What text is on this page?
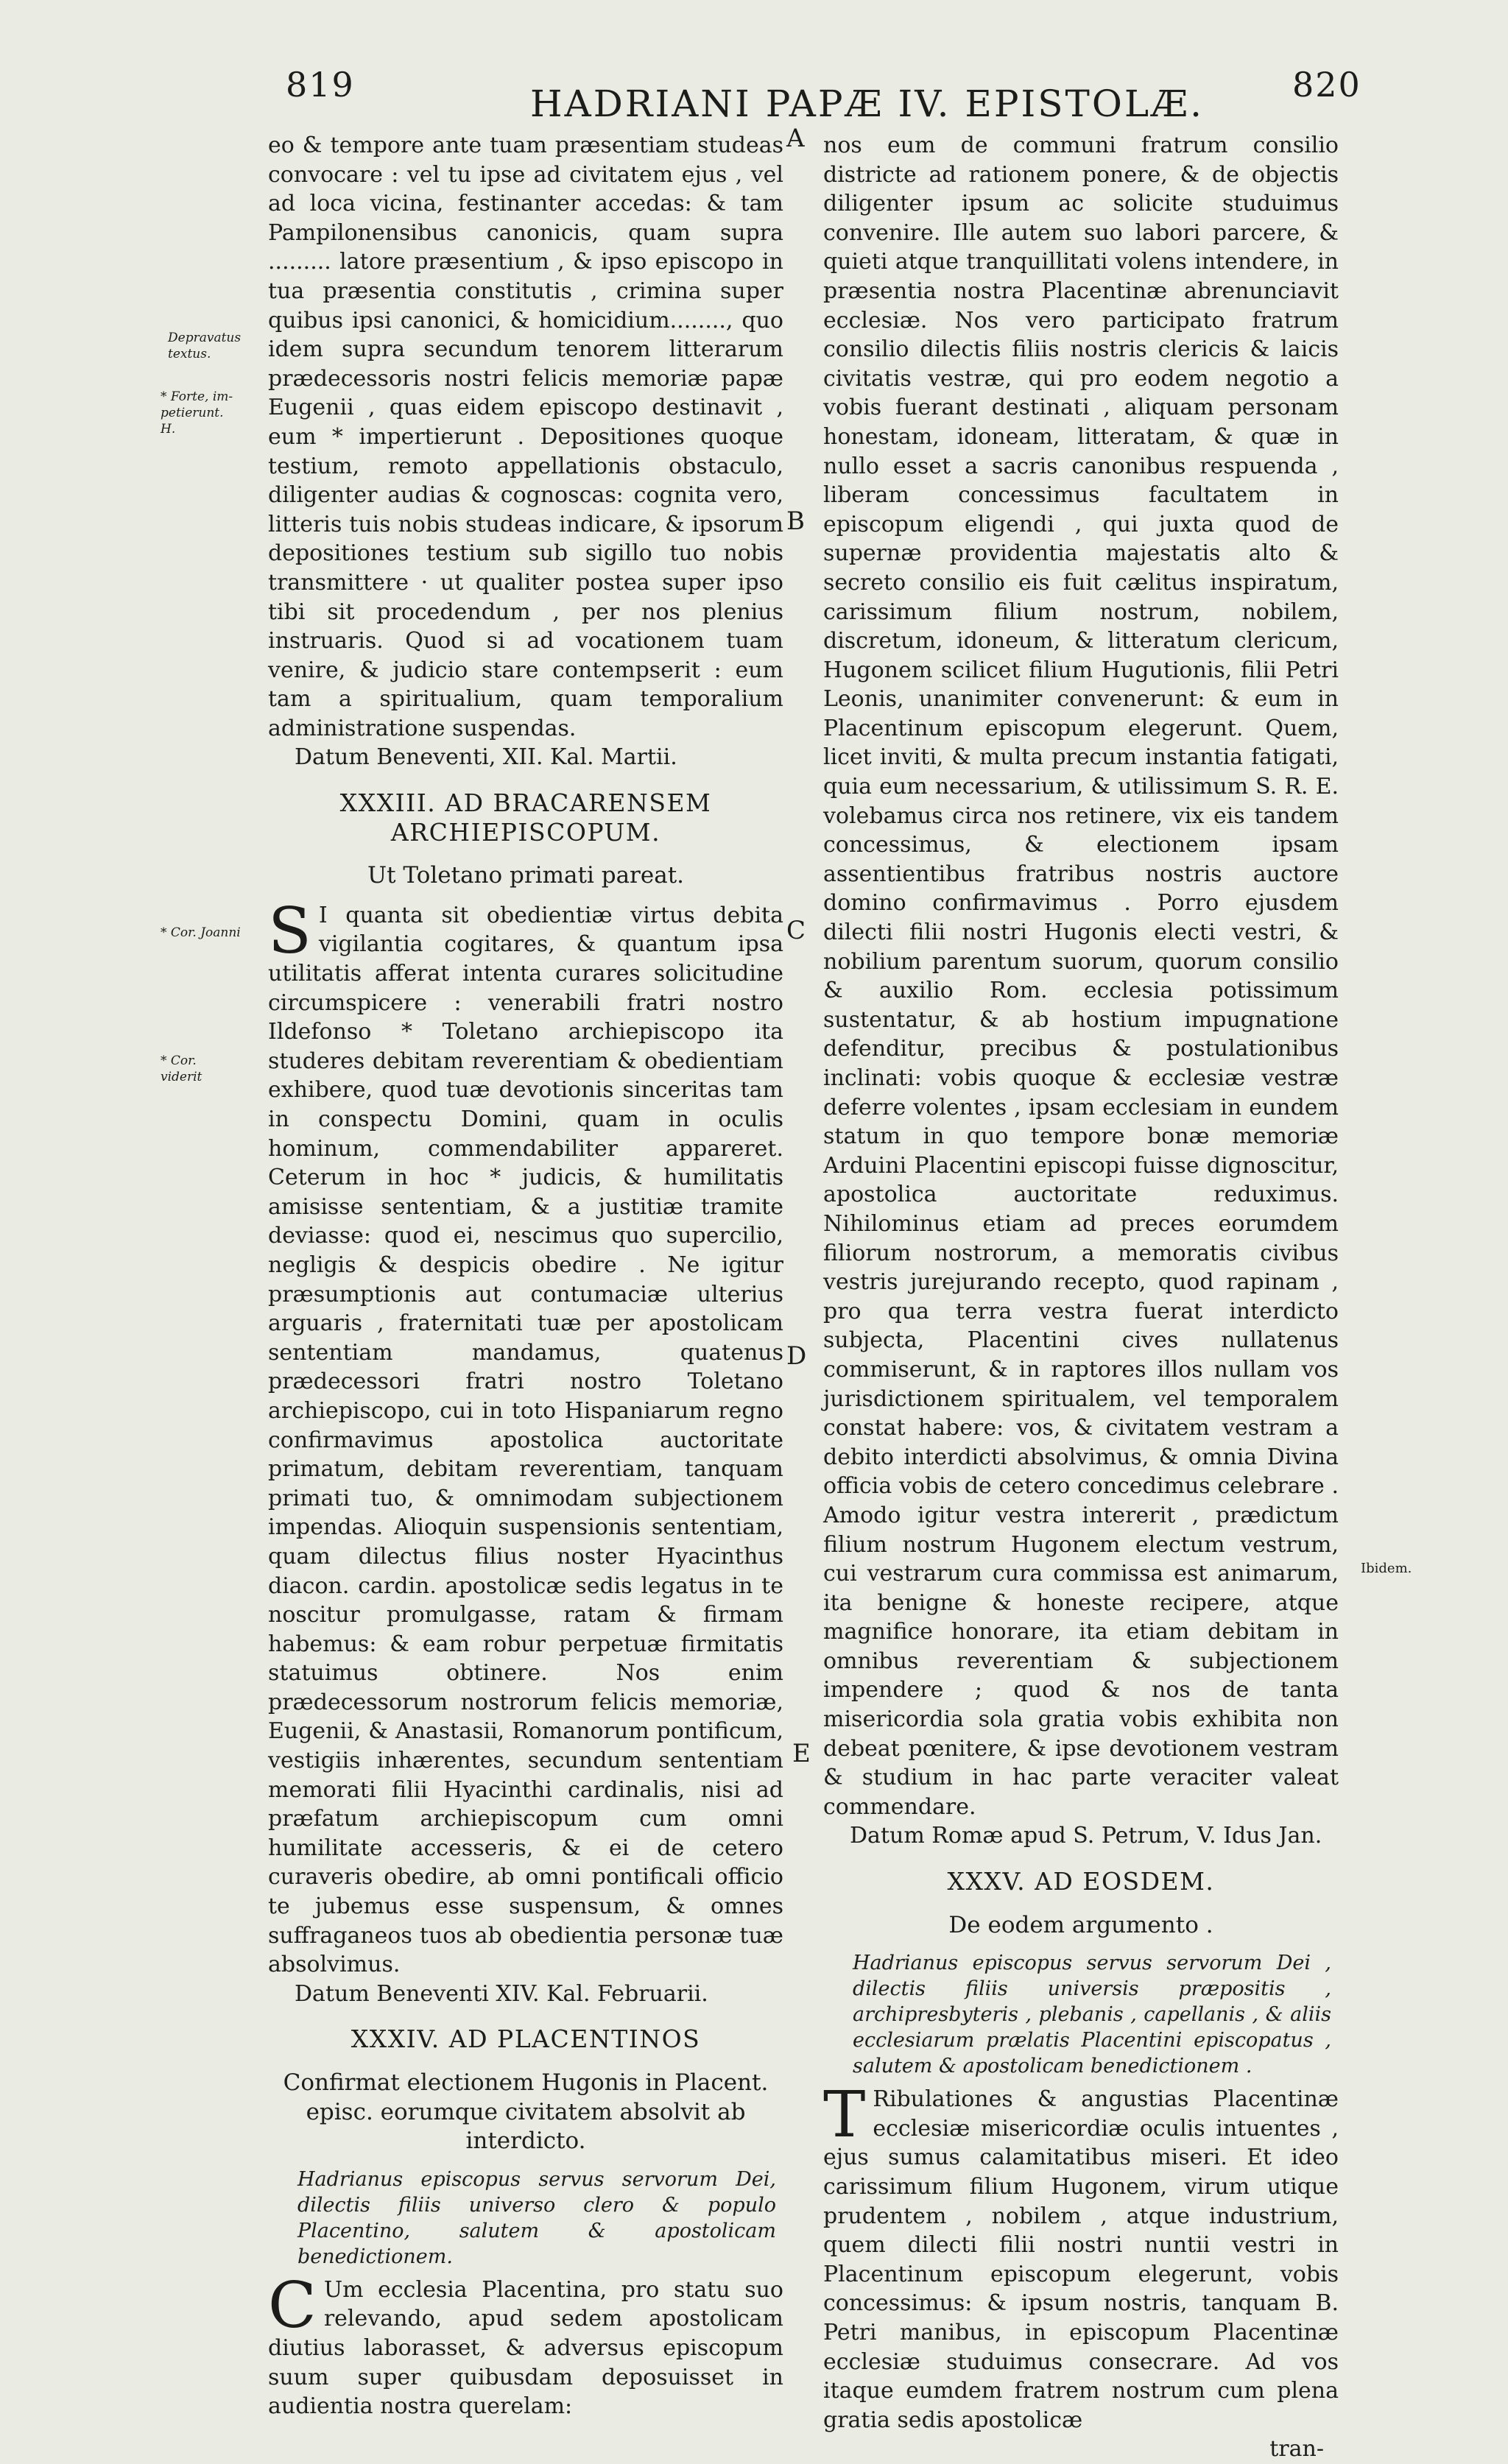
819	HADRIANI PAPÆ IV. EPISTOLÆ.	820
A
B
C
D
E
Depravatus textus.
* Forte, im- petierunt. H.
* Cor. Joanni
* Cor. viderit
Ibidem.

eo & tempore ante tuam præsentiam studeas convocare : vel tu ipse ad civitatem ejus , vel ad loca vicina, festinanter accedas: & tam Pampilonensibus canonicis, quam supra ......... latore præsentium , & ipso episcopo in tua præsentia constitutis , crimina super quibus ipsi canonici, & homicidium........, quo idem supra secundum tenorem litterarum prædecessoris nostri felicis memoriæ papæ Eugenii , quas eidem episcopo destinavit , eum * impertierunt . Depositiones quoque testium, remoto appellationis obstaculo, diligenter audias & cognoscas: cognita vero, litteris tuis nobis studeas indicare, & ipsorum depositiones testium sub sigillo tuo nobis transmittere · ut qualiter postea super ipso tibi sit procedendum , per nos plenius instruaris. Quod si ad vocationem tuam venire, & judicio stare contempserit : eum tam a spiritualium, quam temporalium administratione suspendas.

Datum Beneventi, XII. Kal. Martii.

XXXIII. AD BRACARENSEM ARCHIEPISCOPUM.

Ut Toletano primati pareat.

S I quanta sit obedientiæ virtus debita vigilantia cogitares, & quantum ipsa utilitatis afferat intenta curares solicitudine circumspicere : venerabili fratri nostro Ildefonso * Toletano archiepiscopo ita studeres debitam reverentiam & obedientiam exhibere, quod tuæ devotionis sinceritas tam in conspectu Domini, quam in oculis hominum, commendabiliter appareret. Ceterum in hoc * judicis, & humilitatis amisisse sententiam, & a justitiæ tramite deviasse: quod ei, nescimus quo supercilio, negligis & despicis obedire . Ne igitur præsumptionis aut contumaciæ ulterius arguaris , fraternitati tuæ per apostolicam sententiam mandamus, quatenus prædecessori fratri nostro Toletano archiepiscopo, cui in toto Hispaniarum regno confirmavimus apostolica auctoritate primatum, debitam reverentiam, tanquam primati tuo, & omnimodam subjectionem impendas. Alioquin suspensionis sententiam, quam dilectus filius noster Hyacinthus diacon. cardin. apostolicæ sedis legatus in te noscitur promulgasse, ratam & firmam habemus: & eam robur perpetuæ firmitatis statuimus obtinere. Nos enim prædecessorum nostrorum felicis memoriæ, Eugenii, & Anastasii, Romanorum pontificum, vestigiis inhærentes, secundum sententiam memorati filii Hyacinthi cardinalis, nisi ad præfatum archiepiscopum cum omni humilitate accesseris, & ei de cetero curaveris obedire, ab omni pontificali officio te jubemus esse suspensum, & omnes suffraganeos tuos ab obedientia personæ tuæ absolvimus.

Datum Beneventi XIV. Kal. Februarii.

XXXIV. AD PLACENTINOS

Confirmat electionem Hugonis in Placent. episc. eorumque civitatem absolvit ab interdicto.

Hadrianus episcopus servus servorum Dei, dilectis filiis universo clero & populo Placentino, salutem & apostolicam benedictionem.

C Um ecclesia Placentina, pro statu suo relevando, apud sedem apostolicam diutius laborasset, & adversus episcopum suum super quibusdam deposuisset in audientia nostra querelam:

nos eum de communi fratrum consilio districte ad rationem ponere, & de objectis diligenter ipsum ac solicite studuimus convenire. Ille autem suo labori parcere, & quieti atque tranquillitati volens intendere, in præsentia nostra Placentinæ abrenunciavit ecclesiæ. Nos vero participato fratrum consilio dilectis filiis nostris clericis & laicis civitatis vestræ, qui pro eodem negotio a vobis fuerant destinati , aliquam personam honestam, idoneam, litteratam, & quæ in nullo esset a sacris canonibus respuenda , liberam concessimus facultatem in episcopum eligendi , qui juxta quod de supernæ providentia majestatis alto & secreto consilio eis fuit cælitus inspiratum, carissimum filium nostrum, nobilem, discretum, idoneum, & litteratum clericum, Hugonem scilicet filium Hugutionis, filii Petri Leonis, unanimiter convenerunt: & eum in Placentinum episcopum elegerunt. Quem, licet inviti, & multa precum instantia fatigati, quia eum necessarium, & utilissimum S. R. E. volebamus circa nos retinere, vix eis tandem concessimus, & electionem ipsam assentientibus fratribus nostris auctore domino confirmavimus . Porro ejusdem dilecti filii nostri Hugonis electi vestri, & nobilium parentum suorum, quorum consilio & auxilio Rom. ecclesia potissimum sustentatur, & ab hostium impugnatione defenditur, precibus & postulationibus inclinati: vobis quoque & ecclesiæ vestræ deferre volentes , ipsam ecclesiam in eundem statum in quo tempore bonæ memoriæ Arduini Placentini episcopi fuisse dignoscitur, apostolica auctoritate reduximus. Nihilominus etiam ad preces eorumdem filiorum nostrorum, a memoratis civibus vestris jurejurando recepto, quod rapinam , pro qua terra vestra fuerat interdicto subjecta, Placentini cives nullatenus commiserunt, & in raptores illos nullam vos jurisdictionem spiritualem, vel temporalem constat habere: vos, & civitatem vestram a debito interdicti absolvimus, & omnia Divina officia vobis de cetero concedimus celebrare . Amodo igitur vestra intererit , prædictum filium nostrum Hugonem electum vestrum, cui vestrarum cura commissa est animarum, ita benigne & honeste recipere, atque magnifice honorare, ita etiam debitam in omnibus reverentiam & subjectionem impendere ; quod & nos de tanta misericordia sola gratia vobis exhibita non debeat pœnitere, & ipse devotionem vestram & studium in hac parte veraciter valeat commendare.

Datum Romæ apud S. Petrum, V. Idus Jan.

XXXV. AD EOSDEM.

De eodem argumento .

Hadrianus episcopus servus servorum Dei , dilectis filiis universis præpositis , archipresbyteris , plebanis , capellanis , & aliis ecclesiarum prælatis Placentini episcopatus , salutem & apostolicam benedictionem .

T Ribulationes & angustias Placentinæ ecclesiæ misericordiæ oculis intuentes , ejus sumus calamitatibus miseri. Et ideo carissimum filium Hugonem, virum utique prudentem , nobilem , atque industrium, quem dilecti filii nostri nuntii vestri in Placentinum episcopum elegerunt, vobis concessimus: & ipsum nostris, tanquam B. Petri manibus, in episcopum Placentinæ ecclesiæ studuimus consecrare. Ad vos itaque eumdem fratrem nostrum cum plena gratia sedis apostolicæ

tran-
